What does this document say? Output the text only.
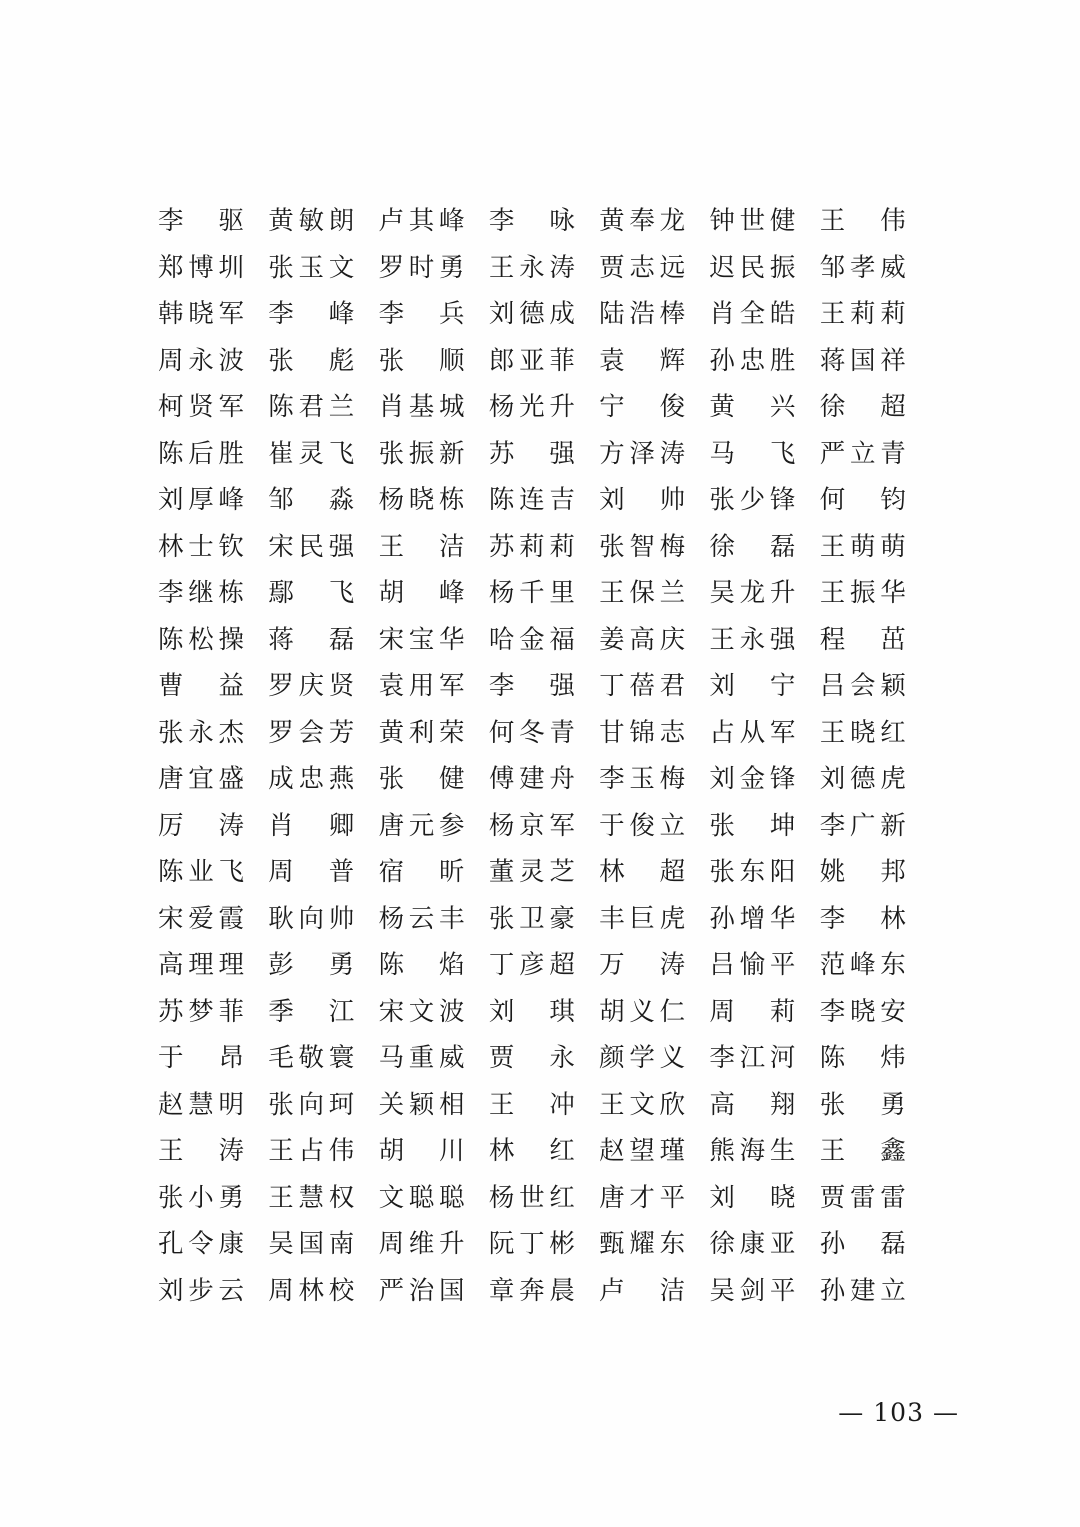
李驱 黄敏朗 卢其峰 李咏 黄奉龙 钟世健 王伟
郑博圳 张玉文 罗时勇 王永涛 贾志远 迟民振 邹孝威
韩晓军 李峰 李兵 刘德成 陆浩棒 肖全皓 王莉莉
周永波 张彪 张顺 郎亚菲 袁辉 孙忠胜 蒋国祥
柯贤军 陈君兰 肖基城 杨光升 宁俊 黄兴 徐超
陈后胜 崔灵飞 张振新 苏强 方泽涛 马飞 严立青
刘厚峰 邹淼 杨晓栋 陈连吉 刘帅 张少锋 何钧
林士钦 宋民强 王洁 苏莉莉 张智梅 徐磊 王萌萌
李继栋 鄢飞 胡峰 杨千里 王保兰 吴龙升 王振华
陈松操 蒋磊 宋宝华 哈金福 姜高庆 王永强 程茁
曹益 罗庆贤 袁用军 李强 丁蓓君 刘宁 吕会颖
张永杰 罗会芳 黄利荣 何冬青 甘锦志 占从军 王晓红
唐宜盛 成忠燕 张健 傅建舟 李玉梅 刘金锋 刘德虎
厉涛 肖卿 唐元参 杨京军 于俊立 张坤 李广新
陈业飞 周普 宿昕 董灵芝 林超 张东阳 姚邦
宋爱霞 耿向帅 杨云丰 张卫豪 丰巨虎 孙增华 李林
高理理 彭勇 陈焰 丁彦超 万涛 吕愉平 范峰东
苏梦菲 季江 宋文波 刘琪 胡义仁 周莉 李晓安
于昂 毛敬寰 马重威 贾永 颜学义 李江河 陈炜
赵慧明 张向珂 关颖相 王冲 王文欣 高翔 张勇
王涛 王占伟 胡川 林红 赵望瑾 熊海生 王鑫
张小勇 王慧权 文聪聪 杨世红 唐才平 刘晓 贾雷雷
孔令康 吴国南 周维升 阮丁彬 甄耀东 徐康亚 孙磊
刘步云 周林校 严治国 章奔晨 卢洁 吴剑平 孙建立
— 103 —
